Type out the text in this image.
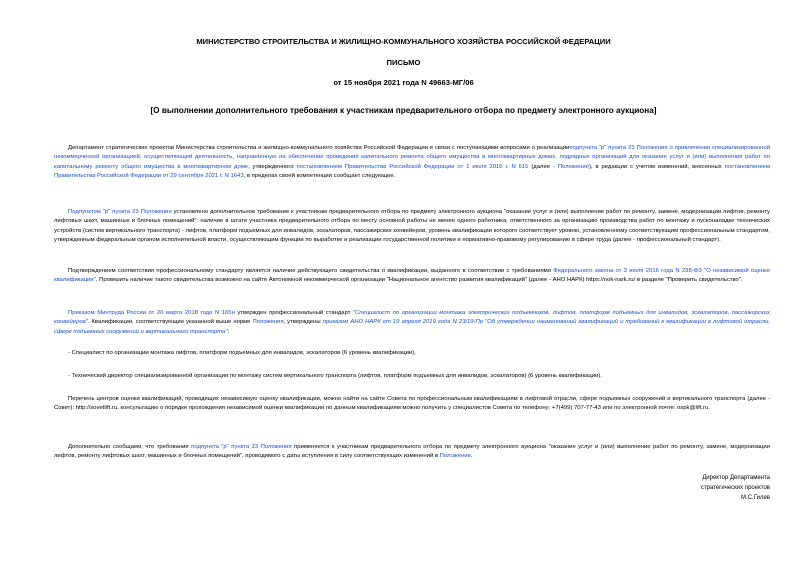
МИНИСТЕРСТВО СТРОИТЕЛЬСТВА И ЖИЛИЩНО-КОММУНАЛЬНОГО ХОЗЯЙСТВА РОССИЙСКОЙ ФЕДЕРАЦИИ
ПИСЬМО
от 15 ноября 2021 года N 49663-МГ/06
[О выполнении дополнительного требования к участникам предварительного отбора по предмету электронного аукциона]

Департамент стратегических проектов Министерства строительства и жилищно-коммунального хозяйства Российской Федерации в связи с поступающими вопросами о реализацииподпункта "р" пункта 23 Положения о привлечении специализированной некоммерческой организацией, осуществляющей деятельность, направленную на обеспечение проведения капитального ремонта общего имущества в многоквартирных домах, подрядных организаций для оказания услуг и (или) выполнения работ по капитальному ремонту общего имущества в многоквартирном доме, утвержденного постановлением Правительства Российской Федерации от 1 июля 2016 г. N 615 (далее - Положение), в редакции с учетом изменений, внесенных постановлением Правительства Российской Федерации от 29 сентября 2021 г. N 1643, в пределах своей компетенции сообщает следующее.

Подпунктом "р" пункта 23 Положения установлено дополнительное требование к участникам предварительного отбора по предмету электронного аукциона "оказание услуг и (или) выполнение работ по ремонту, замене, модернизации лифтов, ремонту лифтовых шахт, машинных и блочных помещений": наличие в штате участника предварительного отбора по месту основной работы не менее одного работника, ответственного за организацию производства работ по монтажу и пусконаладке технических устройств (систем вертикального транспорта) - лифтов, платформ подъемных для инвалидов, эскалаторов, пассажирских конвейеров, уровень квалификации которого соответствует уровню, установленному соответствующим профессиональным стандартом, утвержденным федеральным органом исполнительной власти, осуществляющим функции по выработке и реализации государственной политики и нормативно-правовому регулированию в сфере труда (далее - профессиональный стандарт).

Подтверждением соответствия профессиональному стандарту является наличие действующего свидетельства о квалификации, выданного в соответствии с требованиями Федерального закона от 3 июля 2016 года N 238-ФЗ "О независимой оценке квалификации". Проверить наличие такого свидетельства возможно на сайте Автономной некоммерческой организации "Национальное агентство развития квалификаций" (далее - АНО НАРК) https://nok-nark.ru/ в разделе "Проверить свидетельство".

Приказом Минтруда России от 20 марта 2018 года N 165н утвержден профессиональный стандарт "Специалист по организации монтажа электрических подъемников, лифтов, платформ подъемных для инвалидов, эскалаторов, пассажирских конвейеров". Квалификации, соответствующие указанной выше норме Положения, утверждены приказом АНО НАРК от 19 апреля 2019 года N 23/19-Пр "Об утверждении наименований квалификаций и требований к квалификации в лифтовой отрасли, сфере подъемных сооружений и вертикального транспорта":

- Специалист по организации монтажа лифтов, платформ подъемных для инвалидов, эскалаторов (6 уровень квалификации),

- Технический директор специализированной организации по монтажу систем вертикального транспорта (лифтов, платформ подъемных для инвалидов, эскалаторов) (6 уровень квалификации).

Перечень центров оценки квалификаций, проводящих независимую оценку квалификации, можно найти на сайте Совета по профессиональным квалификациям в лифтовой отрасли, сфере подъемных сооружений и вертикального транспорта (далее - Совет): http://sovetlift.ru, консультацию о порядке прохождения независимой оценки квалификации по данным квалификациям можно получить у специалистов Совета по телефону: +7(499) 707-77-43 или по электронной почте: ospk@lift.ru.

Дополнительно сообщаем, что требование подпункта "р" пункта 23 Положения применяется к участникам предварительного отбора по предмету электронного аукциона "оказание услуг и (или) выполнение работ по ремонту, замене, модернизации лифтов, ремонту лифтовых шахт, машинных и блочных помещений", проводимого с даты вступления в силу соответствующих изменений в Положение.

Директор Департамента
стратегических проектов
М.С.Гилев
